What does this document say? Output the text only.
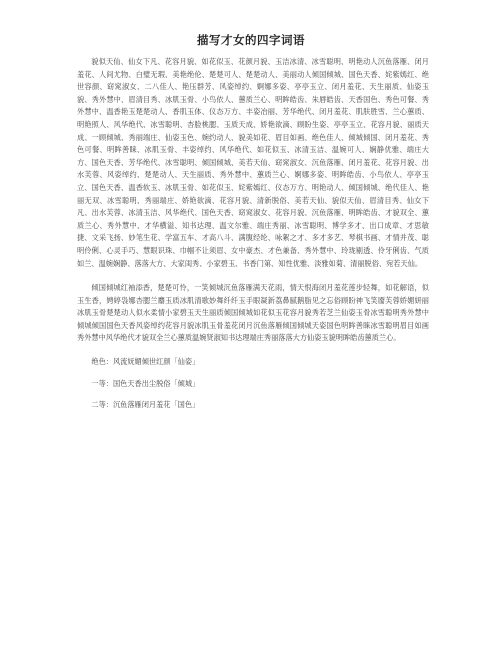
描写才女的四字词语

貌似天仙、仙女下凡、花容月貌、如花似玉、花颜月貌、玉洁冰清、冰雪聪明、明艳动人沉鱼落雁、闭月羞花、人间尤物、白璧无瑕、美艳绝伦、楚楚可人、楚楚动人、美丽动人倾国倾城、国色天香、姹紫嫣红、绝世容颜、窈窕淑女、二八佳人、艳压群芳、风姿绰约、婀娜多姿、亭亭玉立、闭月羞花、天生丽质、仙姿玉貌、秀外慧中、眉清目秀、冰肌玉骨、小鸟依人、蕙质兰心、明眸皓齿、朱唇皓齿、天香国色、秀色可餐、秀外慧中、温香艳玉楚楚动人、香肌玉体、仪态万方、丰姿冶丽、芳华绝代、闭月羞花、肌肤胜雪、兰心蕙质、明艳照人、风华绝代、冰雪聪明、杏脸桃腮、玉质天成、娇艳欲滴、顾盼生姿、亭亭玉立、花容月貌、丽质天成、一顾倾城、秀丽端庄、仙姿玉色、婉约动人、貌美如花、眉目如画、绝色佳人、倾城倾国、闭月羞花、秀色可餐、明眸善睐、冰肌玉骨、丰姿绰约、风华绝代、如花似玉、冰清玉洁、温婉可人、娴静优雅、端庄大方、国色天香、芳华绝代、冰雪聪明、倾国倾城、美若天仙、窈窕淑女、沉鱼落雁、闭月羞花、花容月貌、出水芙蓉、风姿绰约、楚楚动人、天生丽质、秀外慧中、蕙质兰心、婀娜多姿、明眸皓齿、小鸟依人、亭亭玉立、国色天香、温香软玉、冰肌玉骨、如花似玉、姹紫嫣红、仪态万方、明艳动人、倾国倾城、绝代佳人、艳丽无双、冰雪聪明、秀丽端庄、娇艳欲滴、花容月貌、清新脱俗、美若天仙、貌似天仙、眉清目秀、仙女下凡、出水芙蓉、冰清玉洁、风华绝代、国色天香、窈窕淑女、花容月貌、沉鱼落雁、明眸皓齿、才貌双全、蕙质兰心、秀外慧中、才华横溢、知书达理、温文尔雅、端庄秀丽、冰雪聪明、博学多才、出口成章、才思敏捷、文采飞扬、妙笔生花、学富五车、才高八斗、满腹经纶、咏絮之才、多才多艺、琴棋书画、才情并茂、聪明伶俐、心灵手巧、慧眼识珠、巾帼不让须眉、女中豪杰、才色兼备、秀外慧中、玲珑剔透、伶牙俐齿、气质如兰、温婉娴静、落落大方、大家闺秀、小家碧玉、书香门第、知性优雅、淡雅如菊、清丽脱俗、宛若天仙。

倾国倾城红袖添香，楚楚可怜，一笑倾城沉鱼落雁满天花雨，情天恨海闭月羞花莲步轻舞，如花解语，似玉生香，娉婷袅娜杏腮兰麝玉质冰肌清歌妙舞纤纤玉手眼凝新荔鼻腻鹅脂见之忘俗顾盼神飞笑靥芙蓉娇媚妍丽冰肌玉骨楚楚动人似水柔情小家碧玉天生丽质倾国倾城如花似玉花容月貌秀若芝兰仙姿玉骨冰雪聪明秀外慧中倾城倾国国色天香风姿绰约花容月貌冰肌玉骨羞花闭月沉鱼落雁倾国倾城天姿国色明眸善睐冰雪聪明眉目如画秀外慧中风华绝代才貌双全兰心蕙质温婉贤淑知书达理端庄秀丽落落大方仙姿玉貌明眸皓齿蕙质兰心。

绝色：风流妩媚倾世红颜「仙姿」

一等：国色天香出尘脱俗「倾城」

二等：沉鱼落雁闭月羞花「国色」
